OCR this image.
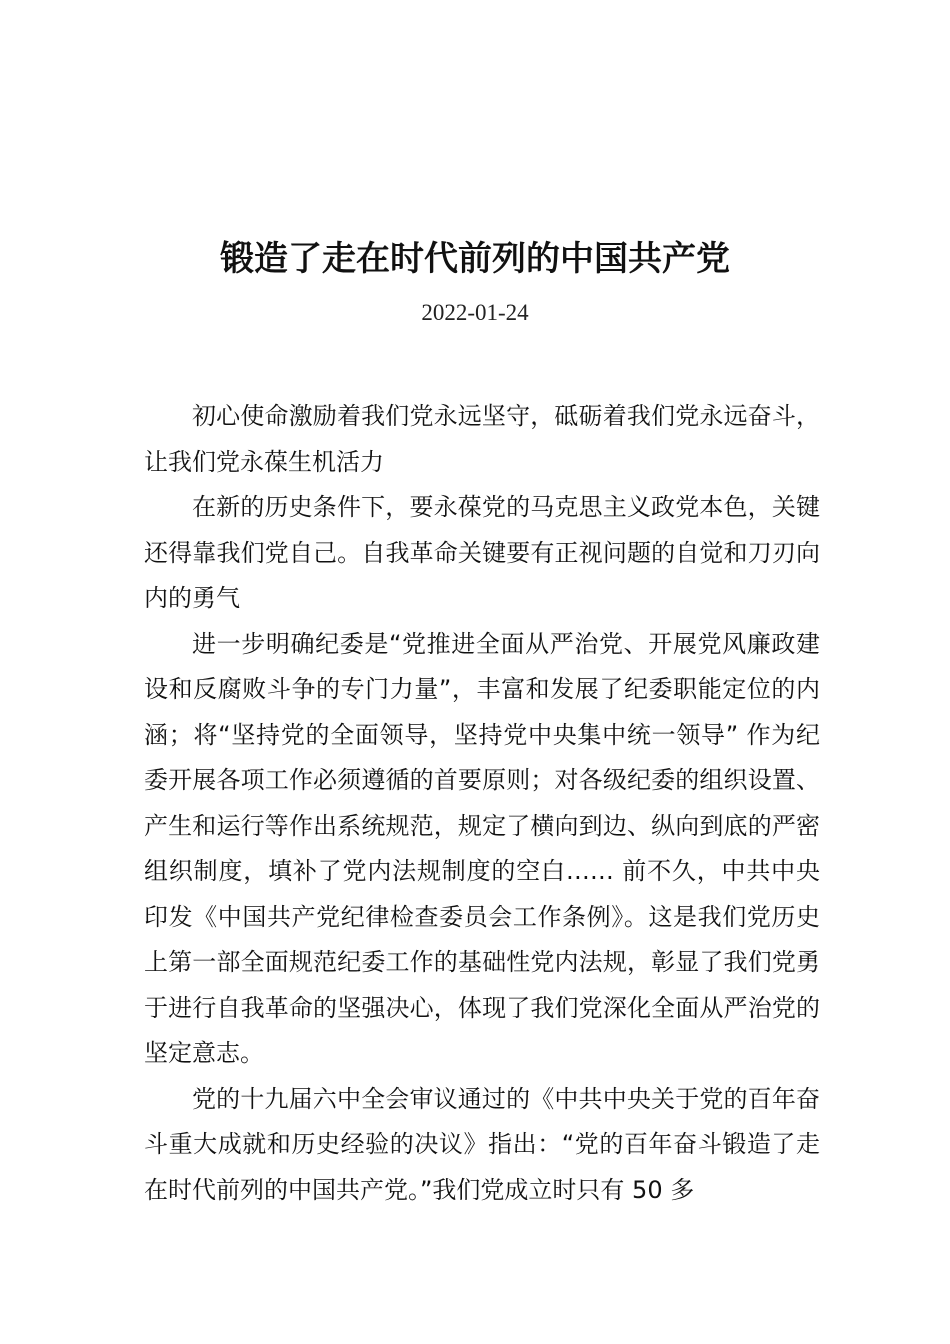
锻造了走在时代前列的中国共产党
2022-01-24

初心使命激励着我们党永远坚守，砥砺着我们党永远奋斗，让我们党永葆生机活力

在新的历史条件下，要永葆党的马克思主义政党本色，关键还得靠我们党自己。自我革命关键要有正视问题的自觉和刀刃向内的勇气

进一步明确纪委是“党推进全面从严治党、开展党风廉政建设和反腐败斗争的专门力量”，丰富和发展了纪委职能定位的内涵；将“坚持党的全面领导，坚持党中央集中统一领导” 作为纪委开展各项工作必须遵循的首要原则；对各级纪委的组织设置、产生和运行等作出系统规范，规定了横向到边、纵向到底的严密组织制度，填补了党内法规制度的空白…… 前不久，中共中央印发《中国共产党纪律检查委员会工作条例》。这是我们党历史上第一部全面规范纪委工作的基础性党内法规，彰显了我们党勇于进行自我革命的坚强决心，体现了我们党深化全面从严治党的坚定意志。

党的十九届六中全会审议通过的《中共中央关于党的百年奋斗重大成就和历史经验的决议》指出：“党的百年奋斗锻造了走在时代前列的中国共产党。”我们党成立时只有 50 多
